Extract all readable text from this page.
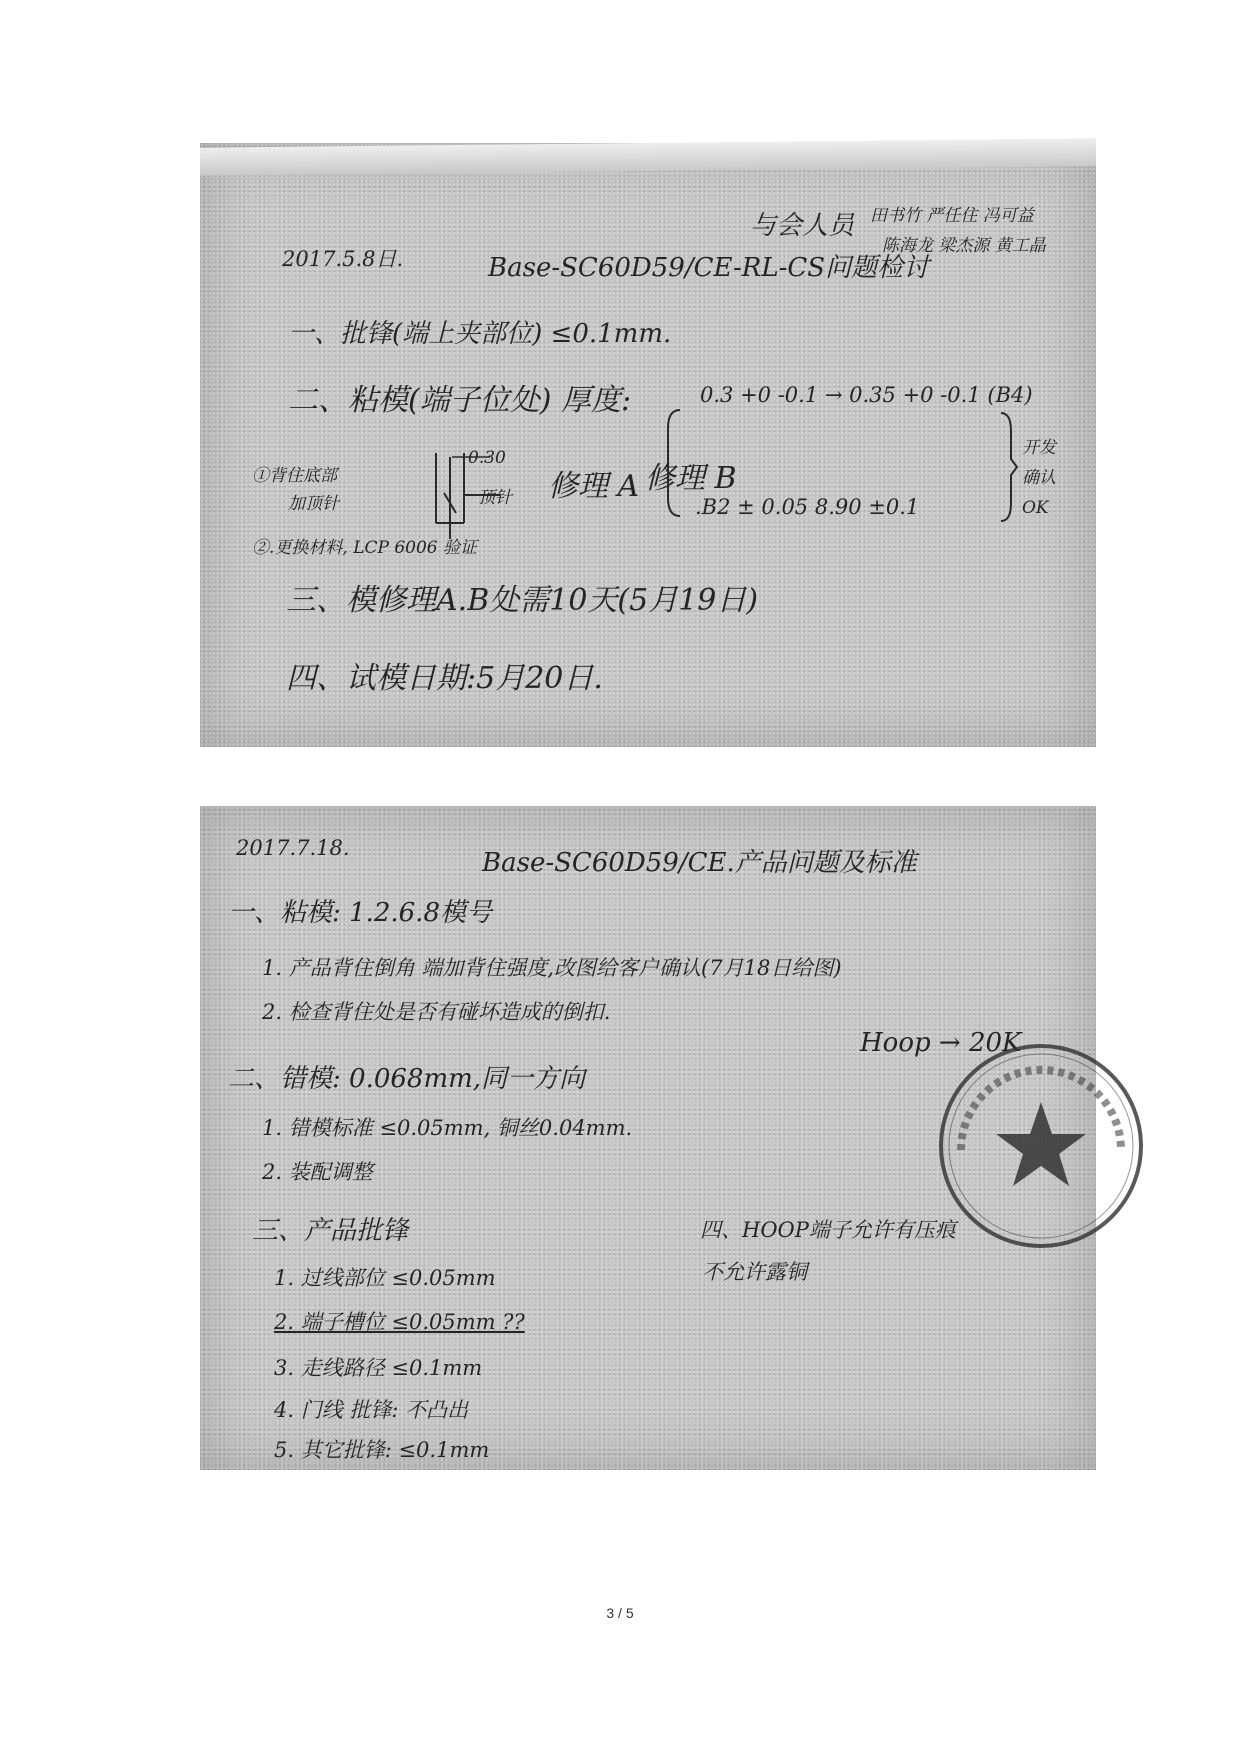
与会人员 田书竹 严任住 冯可益
陈海龙 梁杰源 黄工晶
2017.5.8日.	Base-SC60D59/CE-RL-CS问题检讨
一、批锋(端上夹部位) ≤0.1mm.
二、粘模(端子位处) 厚度:	0.3 +0 -0.1 → 0.35 +0 -0.1 (B4)
①背住底部
加顶针
0.30
顶针 修理 A 修理 B
.B2 ± 0.05 8.90 ±0.1
开发 确认 OK
②.更换材料, LCP 6006 验证
三、模修理A.B处需10天(5月19日)
四、试模日期:5月20日.
2017.7.18.	Base-SC60D59/CE.产品问题及标准
一、粘模: 1.2.6.8模号
1. 产品背住倒角 端加背住强度,改图给客户确认(7月18日给图)
2. 检查背住处是否有碰坏造成的倒扣.
Hoop → 20K
二、错模: 0.068mm,同一方向
1. 错模标准 ≤0.05mm, 铜丝0.04mm.
2. 装配调整
三、产品批锋
1. 过线部位 ≤0.05mm
2. 端子槽位 ≤0.05mm ??
3. 走线路径 ≤0.1mm
4. 门线 批锋: 不凸出
5. 其它批锋: ≤0.1mm
四、HOOP端子允许有压痕
不允许露铜
3 / 5
